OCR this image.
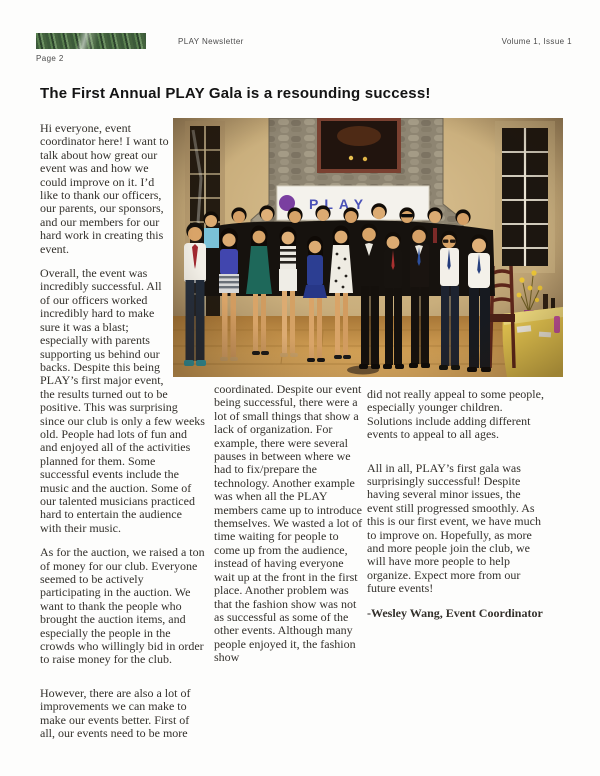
PLAY Newsletter	Volume 1, Issue 1
Page 2
The First Annual PLAY Gala is a resounding success!

Hi everyone, event coordinator here! I want to talk about how great our event was and how we could improve on it. I’d like to thank our officers, our parents, our sponsors, and our members for our hard work in creating this event.

Overall, the event was incredibly successful. All of our officers worked incredibly hard to make sure it was a blast; especially with parents supporting us behind our backs. Despite this being PLAY’s first major event, the results turned out to be positive. This was surprising since our club is only a few weeks old. People had lots of fun and and enjoyed all of the activities planned for them. Some successful events include the music and the auction. Some of our talented musicians practiced hard to entertain the audience with their music.

As for the auction, we raised a ton of money for our club. Everyone seemed to be actively participating in the auction. We want to thank the people who brought the auction items, and especially the people in the crowds who willingly bid in order to raise money for the club.

However, there are also a lot of improvements we can make to make our events better. First of all, our events need to be more

coordinated. Despite our event being successful, there were a lot of small things that show a lack of organization. For example, there were several pauses in between where we had to fix/prepare the technology. Another example was when all the PLAY members came up to introduce themselves. We wasted a lot of time waiting for people to come up from the audience, instead of having everyone wait up at the front in the first place. Another problem was that the fashion show was not as successful as some of the other events. Although many people enjoyed it, the fashion show

did not really appeal to some people, especially younger children. Solutions include adding different events to appeal to all ages.

All in all, PLAY’s first gala was surprisingly successful! Despite having several minor issues, the event still progressed smoothly. As this is our first event, we have much to improve on. Hopefully, as more and more people join the club, we will have more people to help organize. Expect more from our future events!

-Wesley Wang, Event Coordinator
